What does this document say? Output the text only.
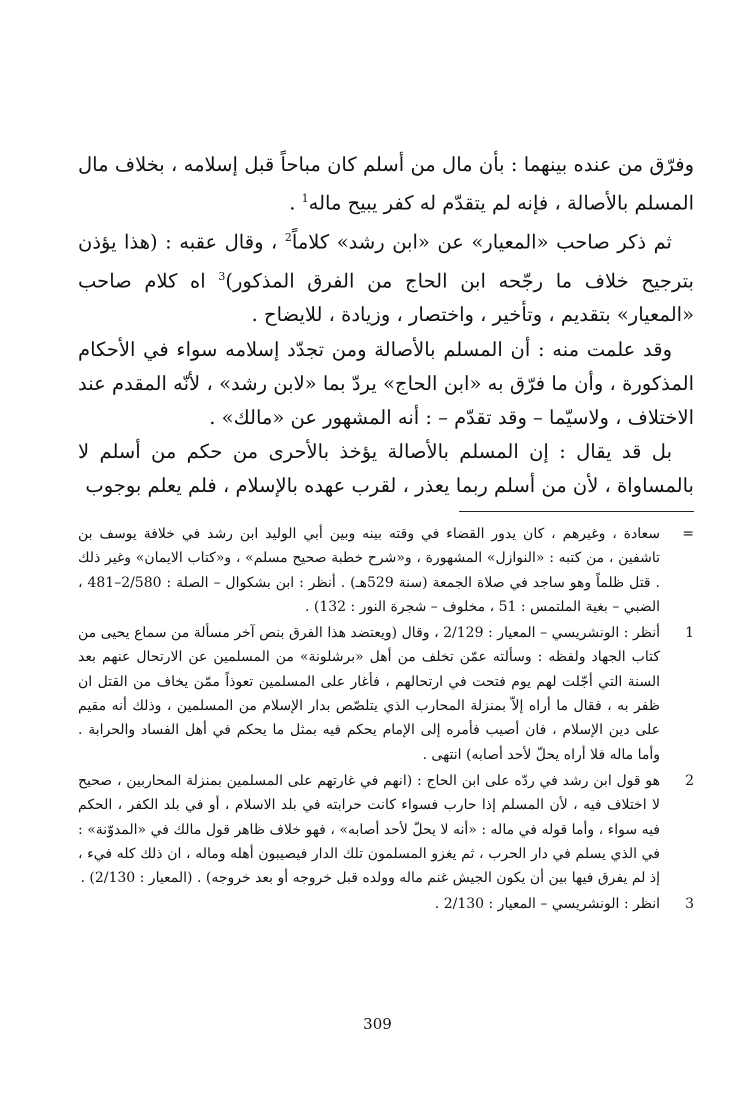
وفرّق من عنده بينهما : بأن مال من أسلم كان مباحاً قبل إسلامه ، بخلاف مال المسلم بالأصالة ، فإنه لم يتقدّم له كفر يبيح ماله$^1$ .

ثم ذكر صاحب «المعيار» عن «ابن رشد» كلاماً$^2$ ، وقال عقبه : (هذا يؤذن بترجيح خلاف ما رجّحه ابن الحاج من الفرق المذكور)$^3$ اه كلام صاحب «المعيار» بتقديم ، وتأخير ، واختصار ، وزيادة ، للايضاح .

وقد علمت منه : أن المسلم بالأصالة ومن تجدّد إسلامه سواء في الأحكام المذكورة ، وأن ما فرّق به «ابن الحاج» يردّ بما «لابن رشد» ، لأنّه المقدم عند الاختلاف ، ولاسيّما – وقد تقدّم – : أنه المشهور عن «مالك» .

بل قد يقال : إن المسلم بالأصالة يؤخذ بالأحرى من حكم من أسلم لا بالمساواة ، لأن من أسلم ربما يعذر ، لقرب عهده بالإسلام ، فلم يعلم بوجوب

=
سعادة ، وغيرهم ، كان يدور القضاء في وقته بينه وبين أبي الوليد ابن رشد في خلافة يوسف بن تاشفين ، من كتبه : «النوازل» المشهورة ، و«شرح خطبة صحيح مسلم» ، و«كتاب الايمان» وغير ذلك . قتل ظلماً وهو ساجد في صلاة الجمعة (سنة 529هـ) . أنظر : ابن بشكوال – الصلة : 2/580–481 ، الضبي – بغية الملتمس : 51 ، مخلوف – شجرة النور : 132) .
1
أنظر : الونشريسي – المعيار : 2/129 ، وقال (ويعتضد هذا الفرق بنص آخر مسألة من سماع يحيى من كتاب الجهاد ولفظه : وسألته عمّن تخلف من أهل «برشلونة» من المسلمين عن الارتحال عنهم بعد السنة التي أجّلت لهم يوم فتحت في ارتحالهم ، فأغار على المسلمين تعوذاً ممّن يخاف من القتل ان ظفر به ، فقال ما أراه إلاّ بمنزلة المحارب الذي يتلصّص بدار الإسلام من المسلمين ، وذلك أنه مقيم على دين الإسلام ، فان أصيب فأمره إلى الإمام يحكم فيه بمثل ما يحكم في أهل الفساد والحرابة . وأما ماله فلا أراه يحلّ لأحد أصابه) انتهى .
2
هو قول ابن رشد في ردّه على ابن الحاج : (انهم في غارتهم على المسلمين بمنزلة المحاربين ، صحيح لا اختلاف فيه ، لأن المسلم إذا حارب فسواء كانت حرابته في بلد الاسلام ، أو في بلد الكفر ، الحكم فيه سواء ، وأما قوله في ماله : «أنه لا يحلّ لأحد أصابه» ، فهو خلاف ظاهر قول مالك في «المدوّنة» : في الذي يسلم في دار الحرب ، ثم يغزو المسلمون تلك الدار فيصيبون أهله وماله ، ان ذلك كله فيء ، إذ لم يفرق فيها بين أن يكون الجيش غنم ماله وولده قبل خروجه أو بعد خروجه) . (المعيار : 2/130) .
3
انظر : الونشريسي – المعيار : 2/130 .
309
